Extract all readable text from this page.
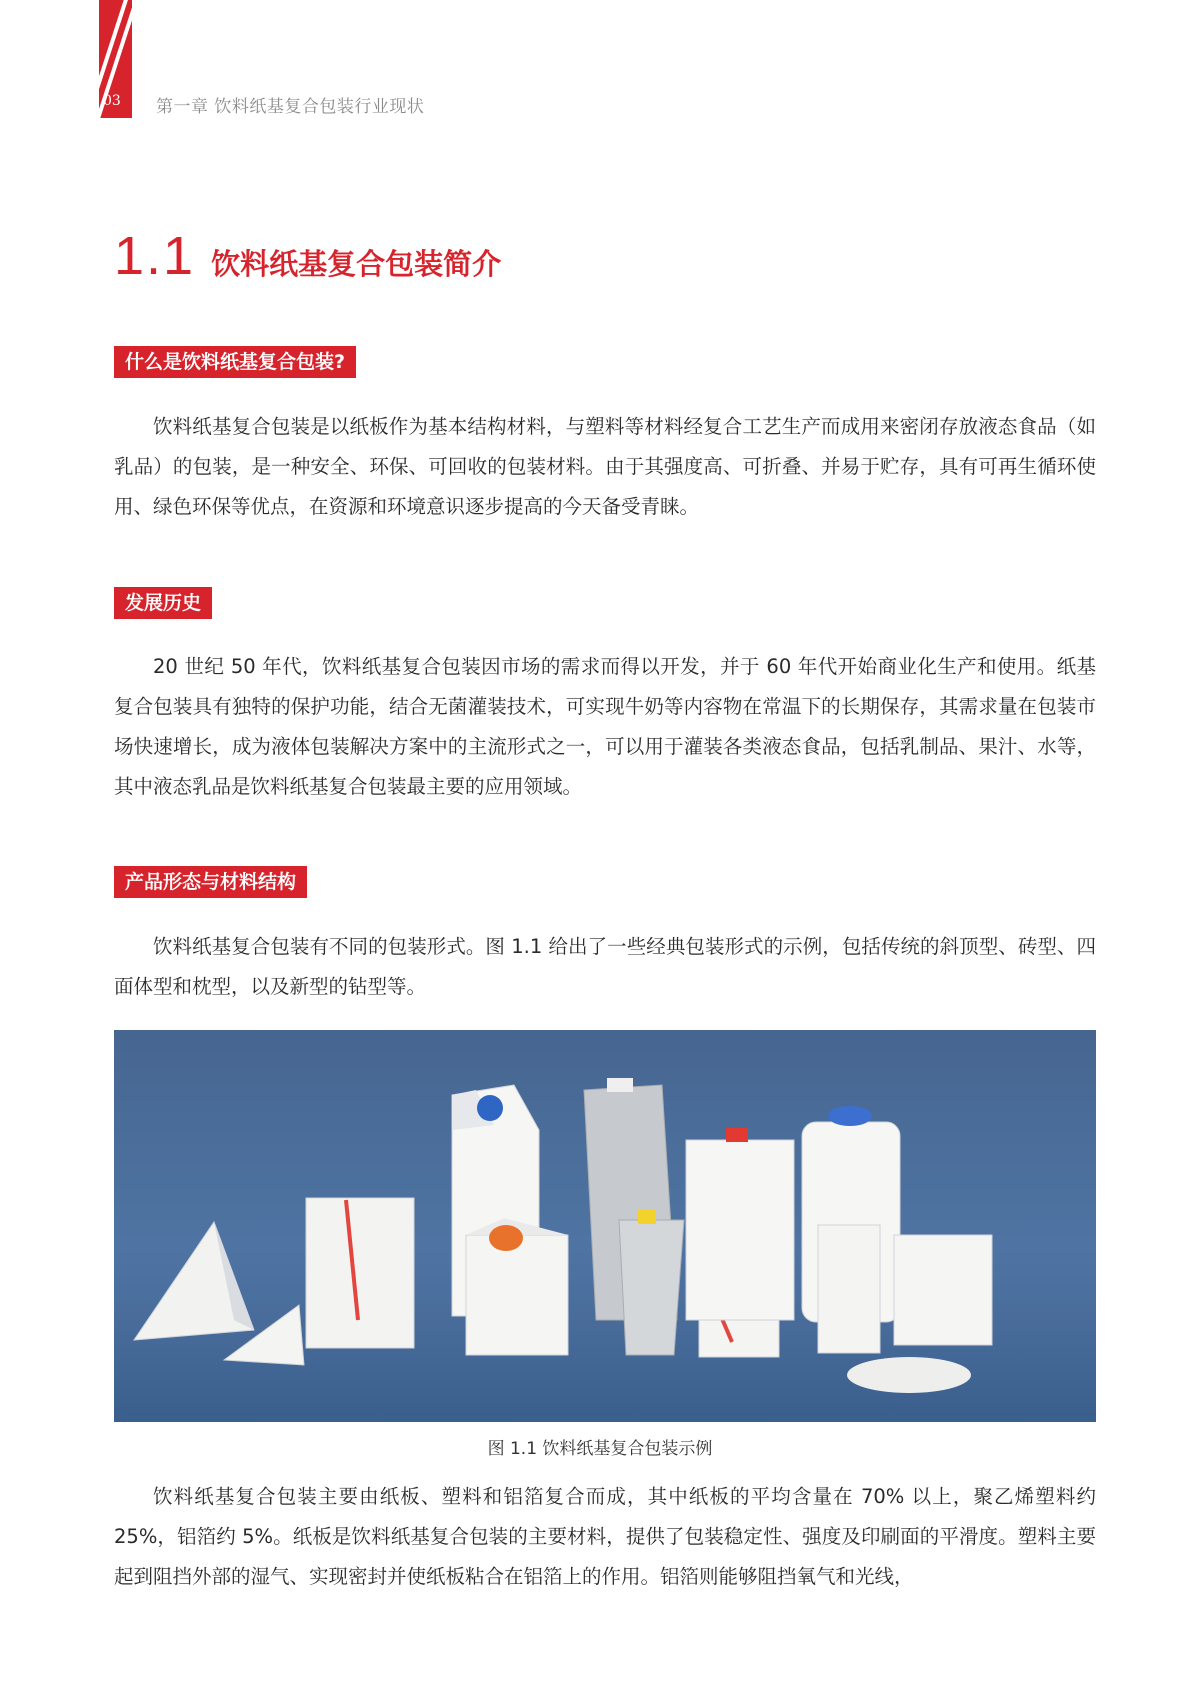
03 第一章 饮料纸基复合包装行业现状
1.1 饮料纸基复合包装简介
什么是饮料纸基复合包装?

饮料纸基复合包装是以纸板作为基本结构材料，与塑料等材料经复合工艺生产而成用来密闭存放液态食品（如乳品）的包装，是一种安全、环保、可回收的包装材料。由于其强度高、可折叠、并易于贮存，具有可再生循环使用、绿色环保等优点，在资源和环境意识逐步提高的今天备受青睐。

发展历史

20 世纪 50 年代，饮料纸基复合包装因市场的需求而得以开发，并于 60 年代开始商业化生产和使用。纸基复合包装具有独特的保护功能，结合无菌灌装技术，可实现牛奶等内容物在常温下的长期保存，其需求量在包装市场快速增长，成为液体包装解决方案中的主流形式之一，可以用于灌装各类液态食品，包括乳制品、果汁、水等，其中液态乳品是饮料纸基复合包装最主要的应用领域。

产品形态与材料结构

饮料纸基复合包装有不同的包装形式。图 1.1 给出了一些经典包装形式的示例，包括传统的斜顶型、砖型、四面体型和枕型，以及新型的钻型等。

图 1.1 饮料纸基复合包装示例

饮料纸基复合包装主要由纸板、塑料和铝箔复合而成，其中纸板的平均含量在 70% 以上，聚乙烯塑料约 25%，铝箔约 5%。纸板是饮料纸基复合包装的主要材料，提供了包装稳定性、强度及印刷面的平滑度。塑料主要起到阻挡外部的湿气、实现密封并使纸板粘合在铝箔上的作用。铝箔则能够阻挡氧气和光线，
